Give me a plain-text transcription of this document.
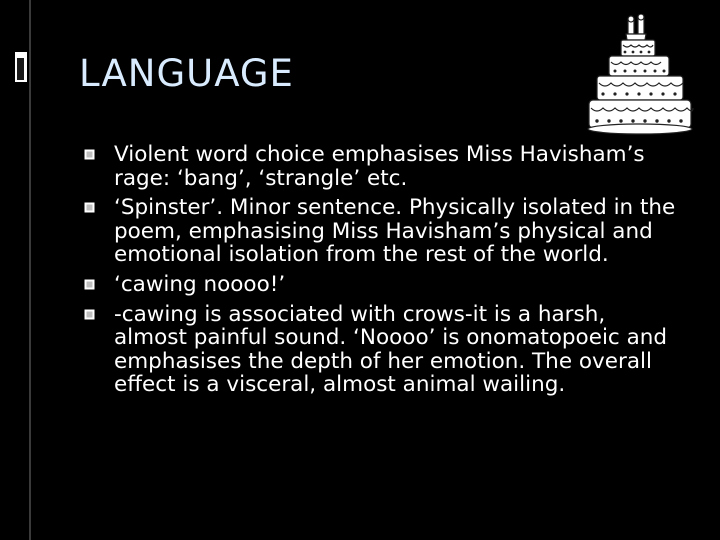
LANGUAGE
Violent word choice emphasises Miss Havisham’s rage: ‘bang’, ‘strangle’ etc.
‘Spinster’. Minor sentence. Physically isolated in the poem, emphasising Miss Havisham’s physical and emotional isolation from the rest of the world.
‘cawing noooo!’
-cawing is associated with crows-it is a harsh, almost painful sound. ‘Noooo’ is onomatopoeic and emphasises the depth of her emotion. The overall effect is a visceral, almost animal wailing.
